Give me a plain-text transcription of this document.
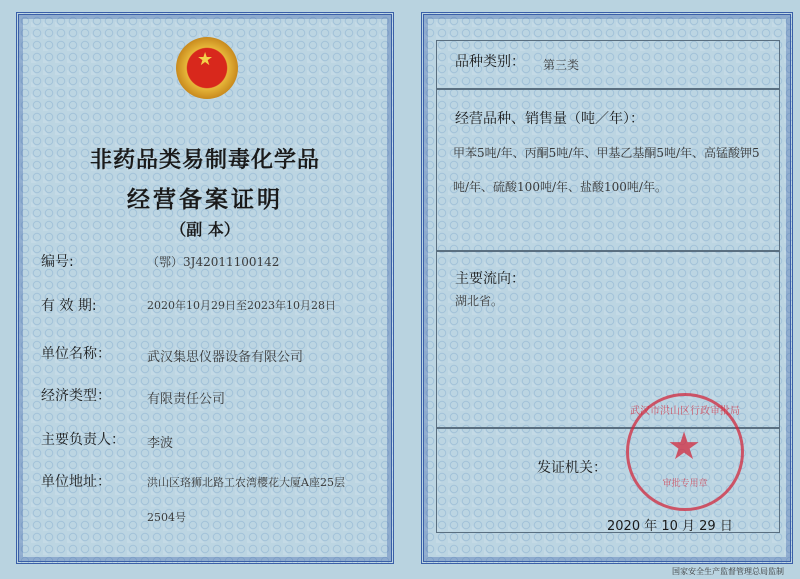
★
非药品类易制毒化学品
经营备案证明
（副 本）
编号:	（鄂）3J42011100142
有 效 期:	2020年10月29日至2023年10月28日
单位名称：	武汉集思仪器设备有限公司
经济类型：	有限责任公司
主要负责人： 李波
单位地址：	洪山区珞狮北路工农湾樱花大厦A座25层
2504号
品种类别： 第三类
经营品种、销售量（吨／年）：
甲苯5吨/年、丙酮5吨/年、甲基乙基酮5吨/年、高锰酸钾5吨/年、硫酸100吨/年、盐酸100吨/年。
主要流向：
湖北省。
发证机关：
2020 年 10 月 29 日
武汉市洪山区行政审批局
★
审批专用章
国家安全生产监督管理总局监制
